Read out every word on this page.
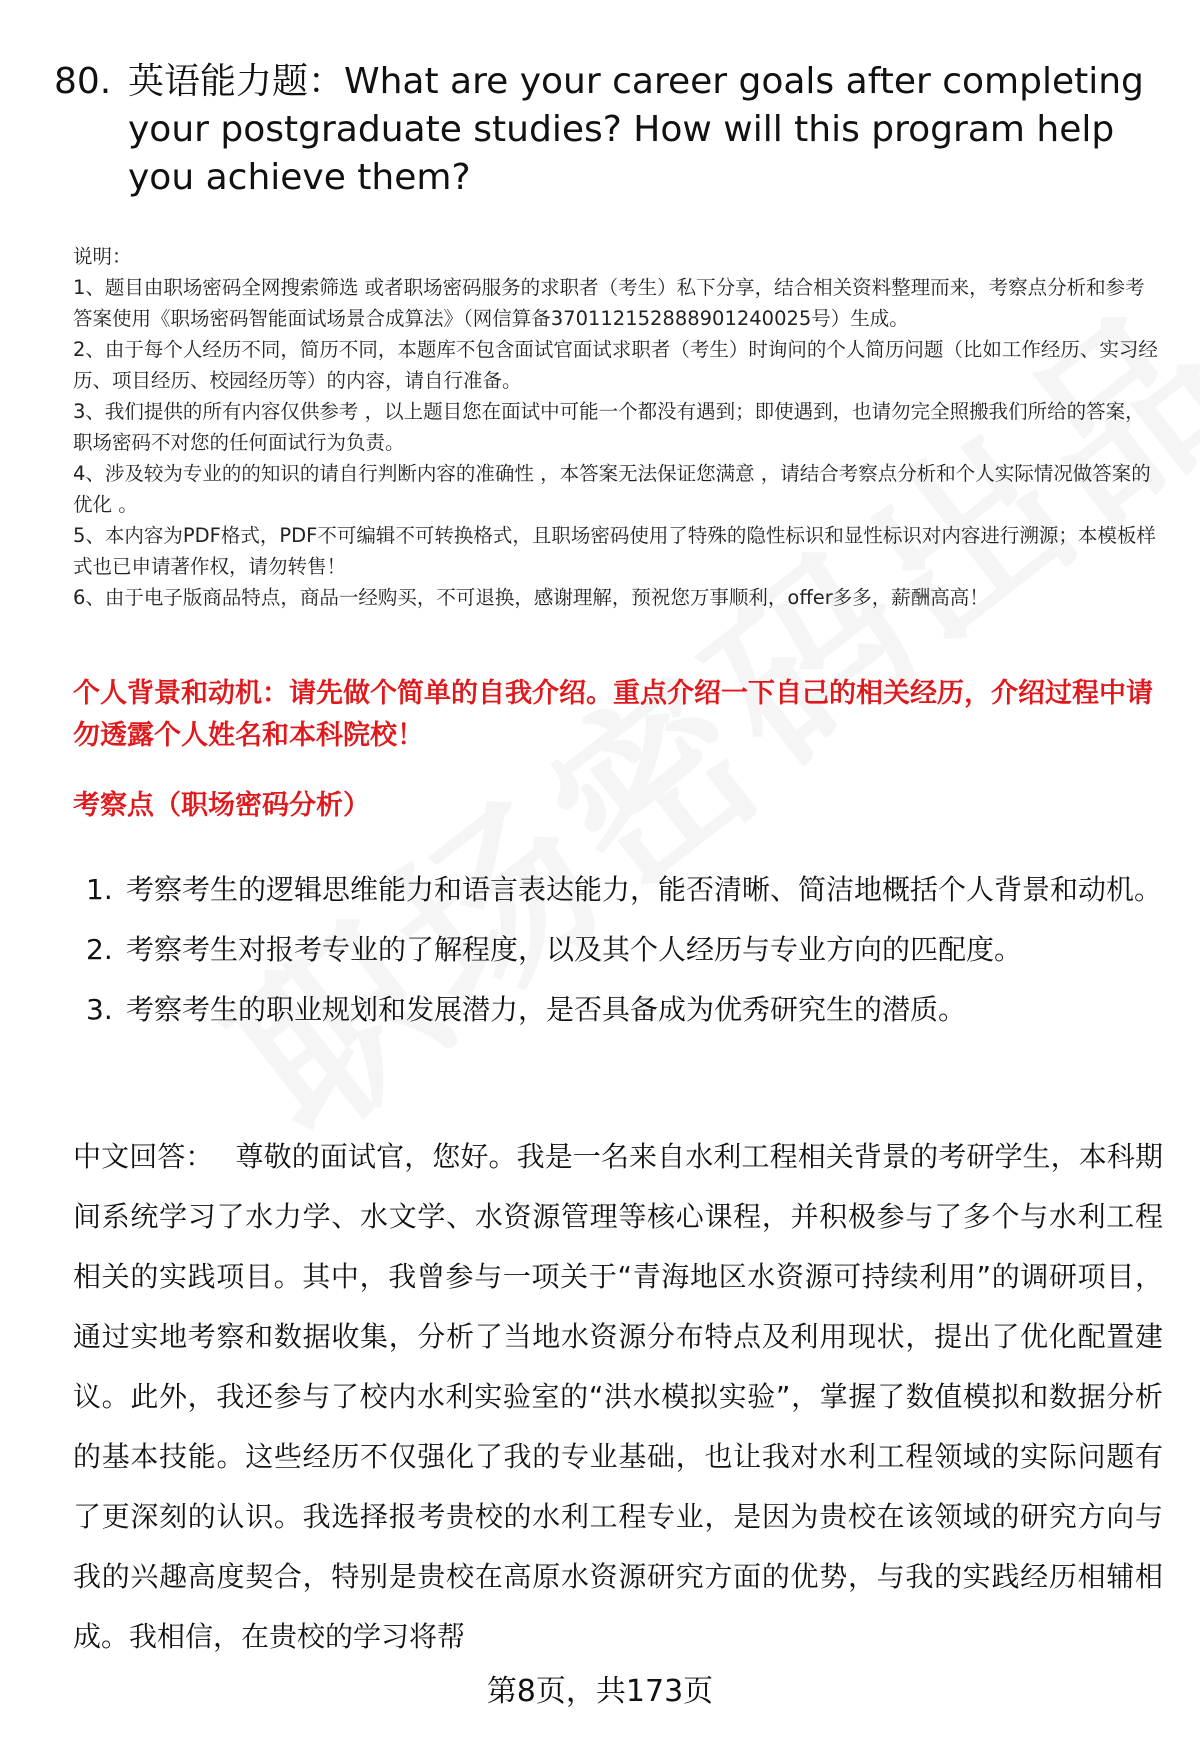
80. 英语能力题：What are your career goals after completing your postgraduate studies? How will this program help you achieve them?

说明：

1、题目由职场密码全网搜索筛选 或者职场密码服务的求职者（考生）私下分享，结合相关资料整理而来，考察点分析和参考答案使用《职场密码智能面试场景合成算法》（网信算备370112152888901240025号）生成。

2、由于每个人经历不同，简历不同，本题库不包含面试官面试求职者（考生）时询问的个人简历问题（比如工作经历、实习经历、项目经历、校园经历等）的内容，请自行准备。

3、我们提供的所有内容仅供参考 ，以上题目您在面试中可能一个都没有遇到；即使遇到，也请勿完全照搬我们所给的答案，职场密码不对您的任何面试行为负责。

4、涉及较为专业的的知识的请自行判断内容的准确性 ，本答案无法保证您满意 ，请结合考察点分析和个人实际情况做答案的优化 。

5、本内容为PDF格式，PDF不可编辑不可转换格式，且职场密码使用了特殊的隐性标识和显性标识对内容进行溯源；本模板样式也已申请著作权，请勿转售！

6、由于电子版商品特点，商品一经购买，不可退换，感谢理解，预祝您万事顺利，offer多多，薪酬高高！

个人背景和动机：请先做个简单的自我介绍。重点介绍一下自己的相关经历，介绍过程中请勿透露个人姓名和本科院校！
考察点（职场密码分析）
1. 考察考生的逻辑思维能力和语言表达能力，能否清晰、简洁地概括个人背景和动机。
2. 考察考生对报考专业的了解程度，以及其个人经历与专业方向的匹配度。
3. 考察考生的职业规划和发展潜力，是否具备成为优秀研究生的潜质。
中文回答： 尊敬的面试官，您好。我是一名来自水利工程相关背景的考研学生，本科期间系统学习了水力学、水文学、水资源管理等核心课程，并积极参与了多个与水利工程相关的实践项目。其中，我曾参与一项关于“青海地区水资源可持续利用”的调研项目，通过实地考察和数据收集，分析了当地水资源分布特点及利用现状，提出了优化配置建议。此外，我还参与了校内水利实验室的“洪水模拟实验”，掌握了数值模拟和数据分析的基本技能。这些经历不仅强化了我的专业基础，也让我对水利工程领域的实际问题有了更深刻的认识。我选择报考贵校的水利工程专业，是因为贵校在该领域的研究方向与我的兴趣高度契合，特别是贵校在高原水资源研究方面的优势，与我的实践经历相辅相成。我相信，在贵校的学习将帮
第8页，共173页
